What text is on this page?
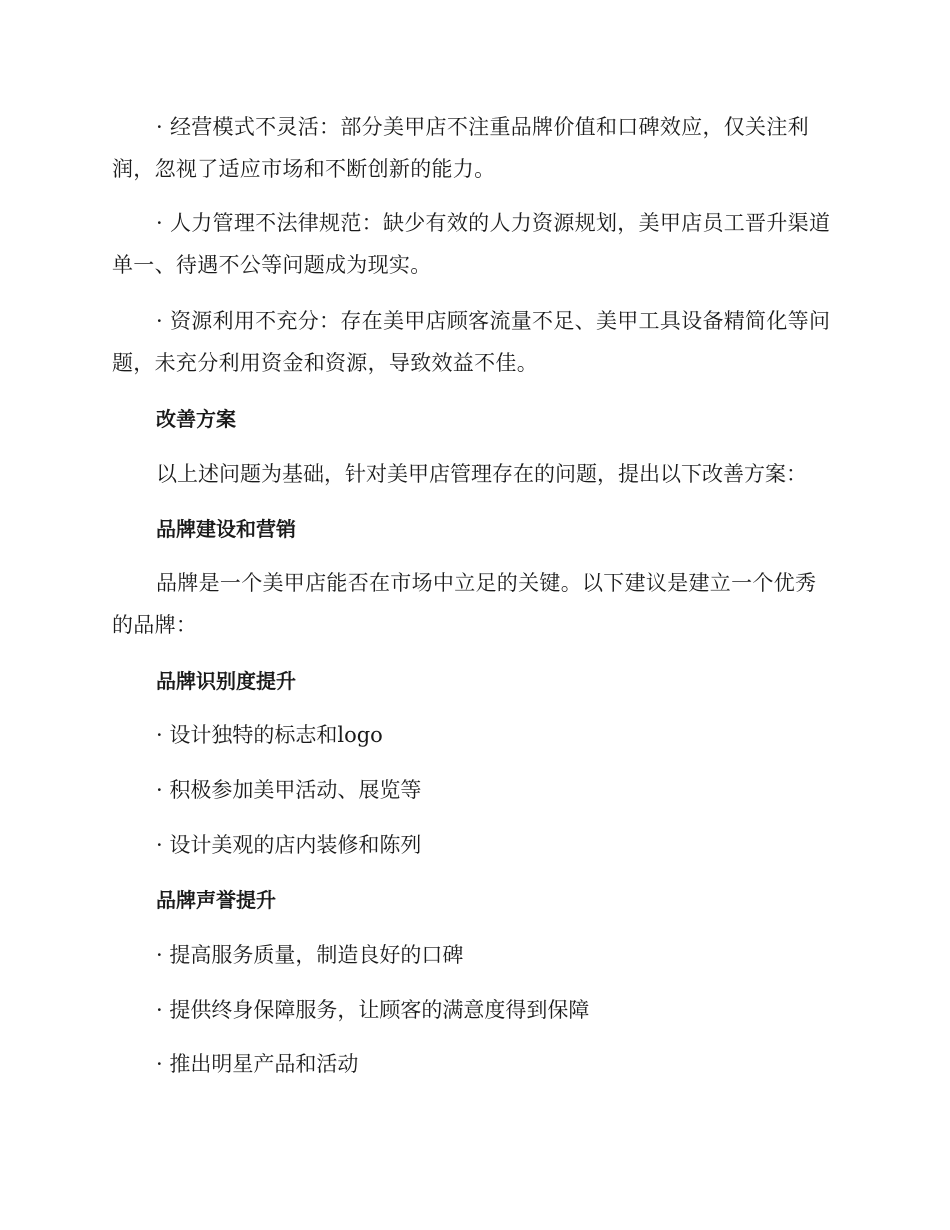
· 经营模式不灵活：部分美甲店不注重品牌价值和口碑效应，仅关注利润，忽视了适应市场和不断创新的能力。

· 人力管理不法律规范：缺少有效的人力资源规划，美甲店员工晋升渠道单一、待遇不公等问题成为现实。

· 资源利用不充分：存在美甲店顾客流量不足、美甲工具设备精简化等问题，未充分利用资金和资源，导致效益不佳。

改善方案
以上述问题为基础，针对美甲店管理存在的问题，提出以下改善方案：
品牌建设和营销

品牌是一个美甲店能否在市场中立足的关键。以下建议是建立一个优秀的品牌：

品牌识别度提升
· 设计独特的标志和logo
· 积极参加美甲活动、展览等
· 设计美观的店内装修和陈列
品牌声誉提升
· 提高服务质量，制造良好的口碑
· 提供终身保障服务，让顾客的满意度得到保障
· 推出明星产品和活动
